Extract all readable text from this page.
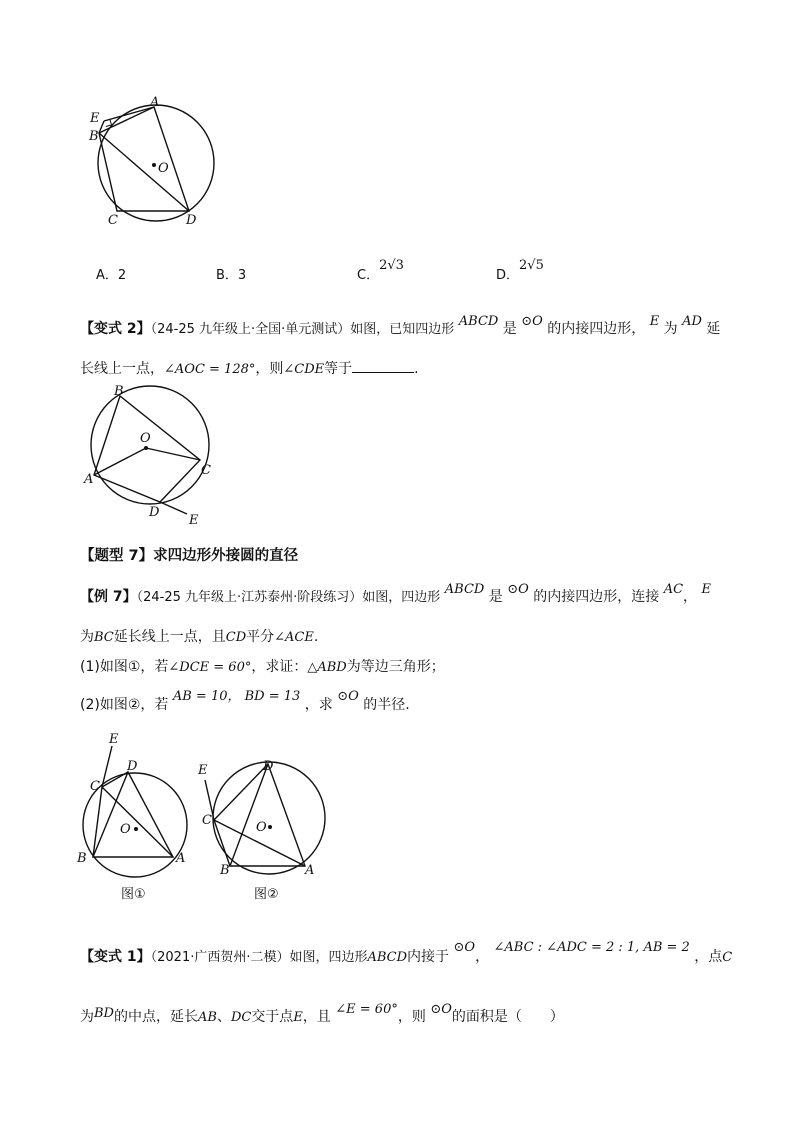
E
A
B
O
C	D
A．2	B．3	C．2√3
D．2√5
【变式 2】（24-25 九年级上·全国·单元测试）如图，已知四边形 ABCD 是 ⊙O 的内接四边形， E 为 AD 延
长线上一点，∠AOC = 128°，则∠CDE等于	.
B
O
C
A
D
E
【题型 7】求四边形外接圆的直径
【例 7】（24-25 九年级上·江苏泰州·阶段练习）如图，四边形 ABCD 是 ⊙O 的内接四边形，连接 AC， E
为BC延长线上一点，且CD平分∠ACE.
(1)如图①，若∠DCE = 60°，求证：△ABD为等边三角形；
(2)如图②，若 AB = 10， BD = 13 ，求 ⊙O 的半径.
E
D
C
O
B	A
图①
E	D
C	O
B	A
图②
【变式 1】（2021·广西贺州·二模）如图，四边形ABCD内接于 ⊙O， ∠ABC : ∠ADC = 2 : 1, AB = 2 ，点C
为BD的中点，延长AB、DC交于点E，且 ∠E = 60°，则 ⊙O的面积是（　　）
